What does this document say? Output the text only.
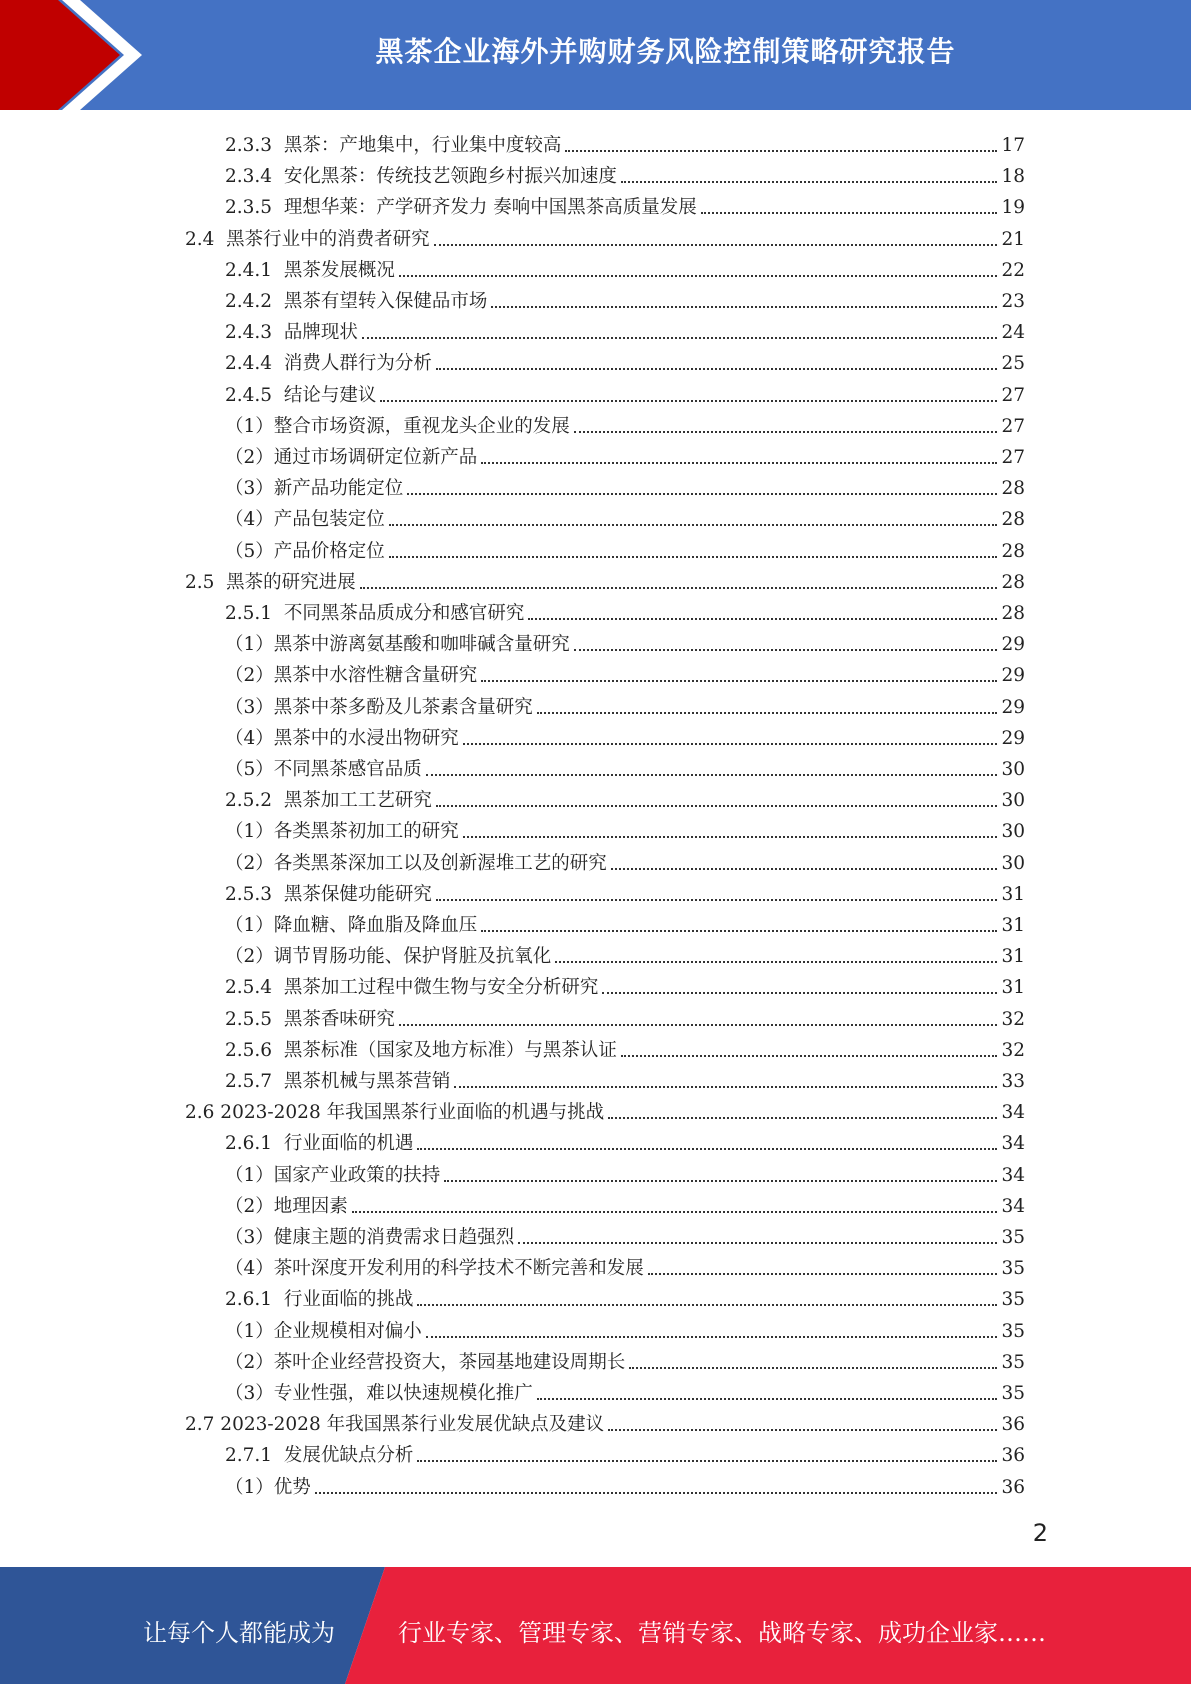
黑茶企业海外并购财务风险控制策略研究报告
2.3.3  黑茶：产地集中，行业集中度较高	17
2.3.4  安化黑茶：传统技艺领跑乡村振兴加速度	18
2.3.5  理想华莱：产学研齐发力 奏响中国黑茶高质量发展	19
2.4  黑茶行业中的消费者研究	21
2.4.1  黑茶发展概况	22
2.4.2  黑茶有望转入保健品市场	23
2.4.3  品牌现状	24
2.4.4  消费人群行为分析	25
2.4.5  结论与建议	27
（1）整合市场资源，重视龙头企业的发展	27
（2）通过市场调研定位新产品	27
（3）新产品功能定位	28
（4）产品包装定位	28
（5）产品价格定位	28
2.5  黑茶的研究进展	28
2.5.1  不同黑茶品质成分和感官研究	28
（1）黑茶中游离氨基酸和咖啡碱含量研究	29
（2）黑茶中水溶性糖含量研究	29
（3）黑茶中茶多酚及儿茶素含量研究	29
（4）黑茶中的水浸出物研究	29
（5）不同黑茶感官品质	30
2.5.2  黑茶加工工艺研究	30
（1）各类黑茶初加工的研究	30
（2）各类黑茶深加工以及创新渥堆工艺的研究	30
2.5.3  黑茶保健功能研究	31
（1）降血糖、降血脂及降血压	31
（2）调节胃肠功能、保护肾脏及抗氧化	31
2.5.4  黑茶加工过程中微生物与安全分析研究	31
2.5.5  黑茶香味研究	32
2.5.6  黑茶标准（国家及地方标准）与黑茶认证	32
2.5.7  黑茶机械与黑茶营销	33
2.6 2023-2028 年我国黑茶行业面临的机遇与挑战	34
2.6.1  行业面临的机遇	34
（1）国家产业政策的扶持	34
（2）地理因素	34
（3）健康主题的消费需求日趋强烈	35
（4）茶叶深度开发利用的科学技术不断完善和发展	35
2.6.1  行业面临的挑战	35
（1）企业规模相对偏小	35
（2）茶叶企业经营投资大，茶园基地建设周期长	35
（3）专业性强，难以快速规模化推广	35
2.7 2023-2028 年我国黑茶行业发展优缺点及建议	36
2.7.1  发展优缺点分析	36
（1）优势	36
2
让每个人都能成为	行业专家、管理专家、营销专家、战略专家、成功企业家……
